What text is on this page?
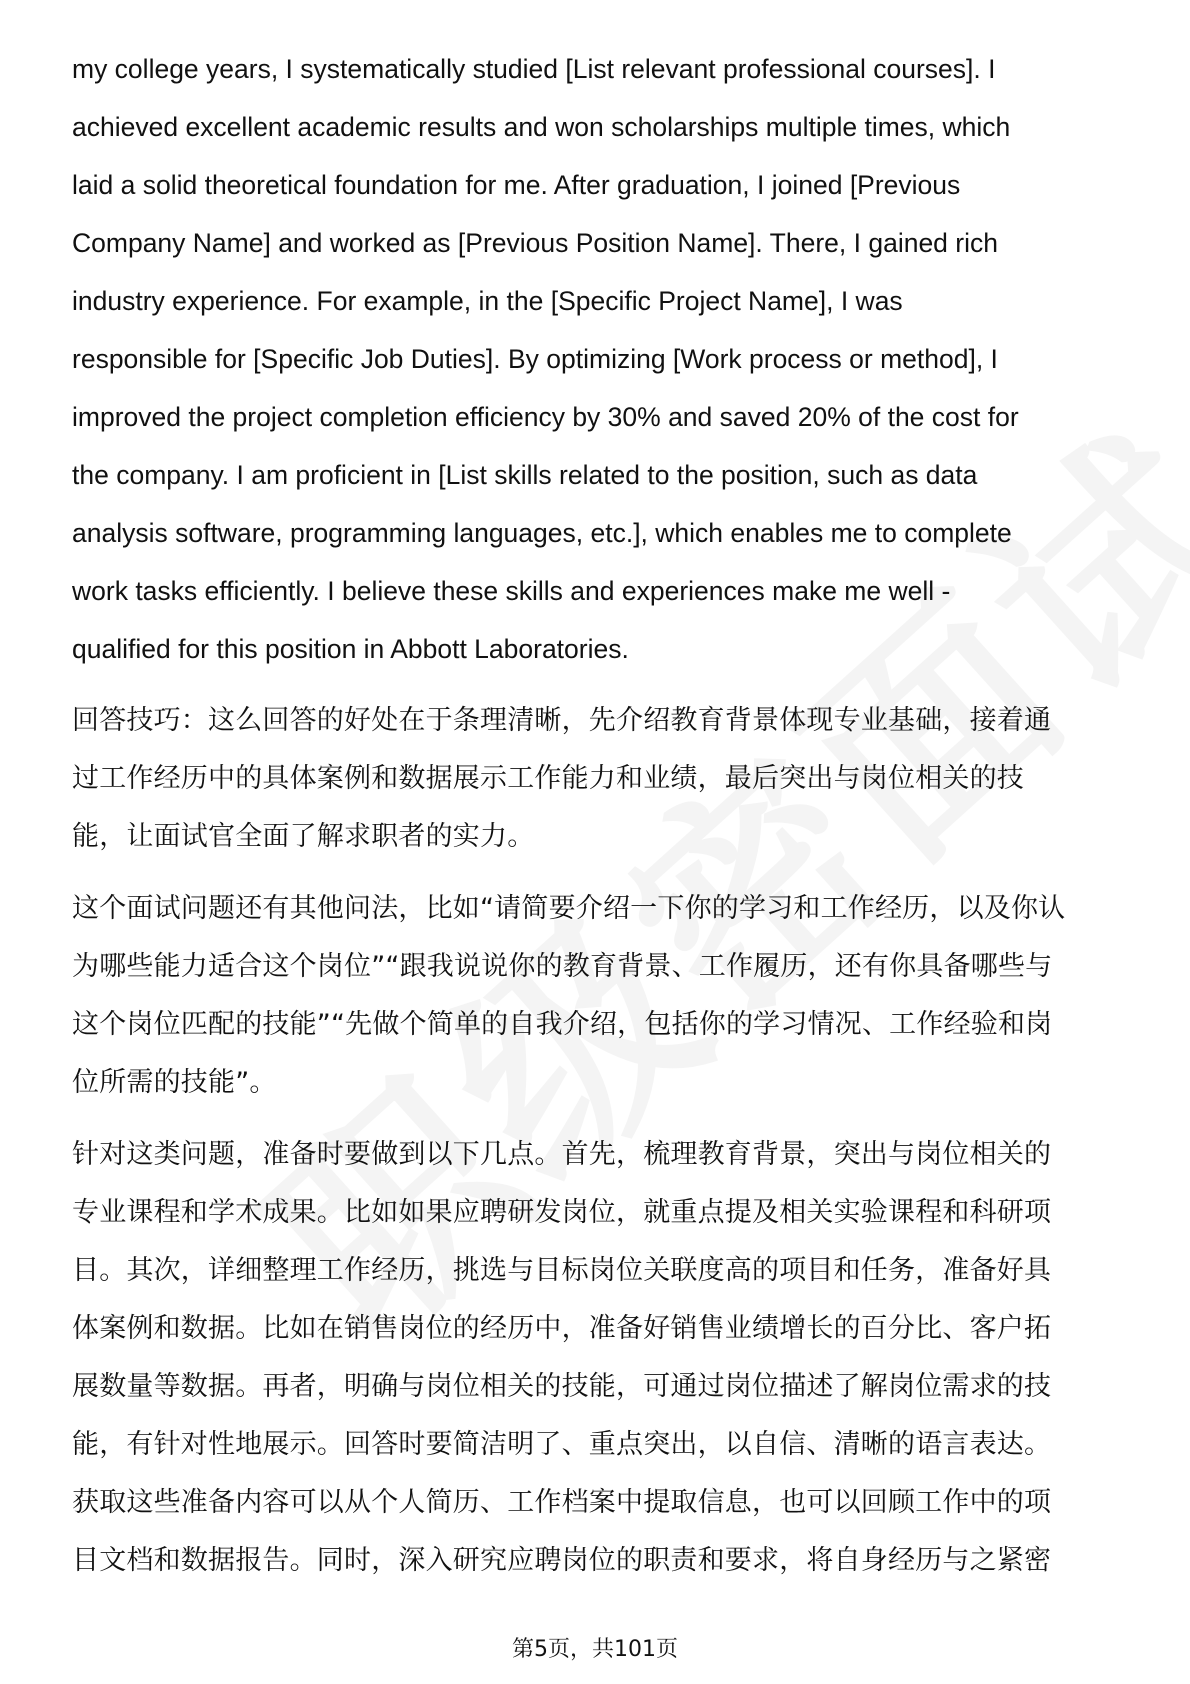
my college years, I systematically studied [List relevant professional courses]. I
achieved excellent academic results and won scholarships multiple times, which
laid a solid theoretical foundation for me. After graduation, I joined [Previous
Company Name] and worked as [Previous Position Name]. There, I gained rich
industry experience. For example, in the [Specific Project Name], I was
responsible for [Specific Job Duties]. By optimizing [Work process or method], I
improved the project completion efficiency by 30% and saved 20% of the cost for
the company. I am proficient in [List skills related to the position, such as data
analysis software, programming languages, etc.], which enables me to complete
work tasks efficiently. I believe these skills and experiences make me well -
qualified for this position in Abbott Laboratories.

回答技巧：这么回答的好处在于条理清晰，先介绍教育背景体现专业基础，接着通
过工作经历中的具体案例和数据展示工作能力和业绩，最后突出与岗位相关的技
能，让面试官全面了解求职者的实力。

这个面试问题还有其他问法，比如“请简要介绍一下你的学习和工作经历，以及你认
为哪些能力适合这个岗位”“跟我说说你的教育背景、工作履历，还有你具备哪些与
这个岗位匹配的技能”“先做个简单的自我介绍，包括你的学习情况、工作经验和岗
位所需的技能”。

针对这类问题，准备时要做到以下几点。首先，梳理教育背景，突出与岗位相关的
专业课程和学术成果。比如如果应聘研发岗位，就重点提及相关实验课程和科研项
目。其次，详细整理工作经历，挑选与目标岗位关联度高的项目和任务，准备好具
体案例和数据。比如在销售岗位的经历中，准备好销售业绩增长的百分比、客户拓
展数量等数据。再者，明确与岗位相关的技能，可通过岗位描述了解岗位需求的技
能，有针对性地展示。回答时要简洁明了、重点突出，以自信、清晰的语言表达。
获取这些准备内容可以从个人简历、工作档案中提取信息，也可以回顾工作中的项
目文档和数据报告。同时，深入研究应聘岗位的职责和要求，将自身经历与之紧密

第5页，共101页
